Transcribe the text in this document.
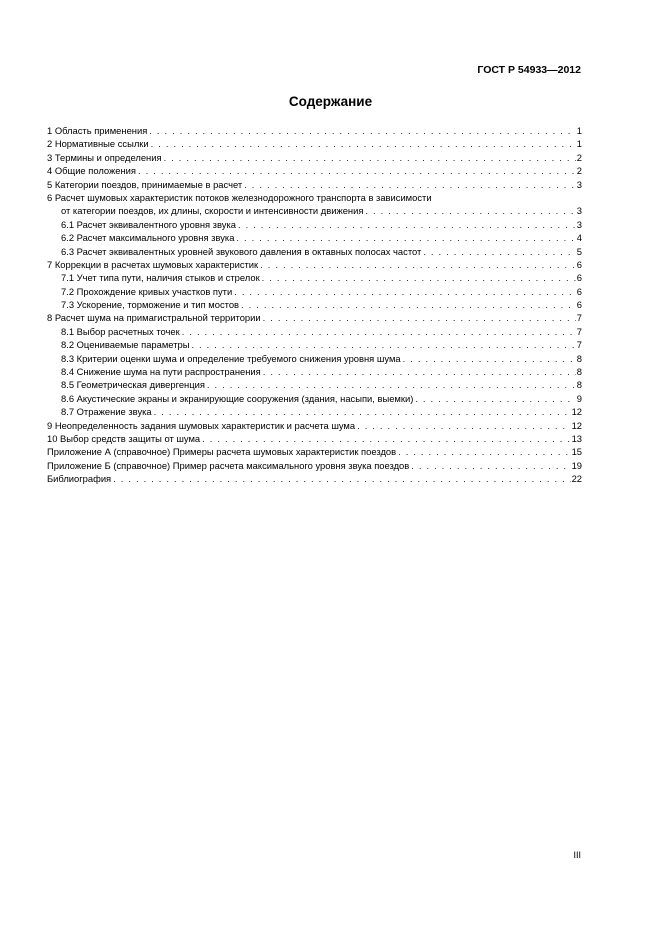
ГОСТ Р 54933—2012
Содержание
1 Область применения . . .	1
2 Нормативные ссылки . . .	1
3 Термины и определения . . .	2
4 Общие положения . . .	2
5 Категории поездов, принимаемые в расчет . . .	3
6 Расчет шумовых характеристик потоков железнодорожного транспорта в зависимости
от категории поездов, их длины, скорости и интенсивности движения . . .	3
6.1 Расчет эквивалентного уровня звука . . .	3
6.2 Расчет максимального уровня звука . . .	4
6.3 Расчет эквивалентных уровней звукового давления в октавных полосах частот . . .	5
7 Коррекции в расчетах шумовых характеристик . . .	6
7.1 Учет типа пути, наличия стыков и стрелок . . .	6
7.2 Прохождение кривых участков пути . . .	6
7.3 Ускорение, торможение и тип мостов . . .	6
8 Расчет шума на примагистральной территории . . .	7
8.1 Выбор расчетных точек . . .	7
8.2 Оцениваемые параметры . . .	7
8.3 Критерии оценки шума и определение требуемого снижения уровня шума . . .	8
8.4 Снижение шума на пути распространения . . .	8
8.5 Геометрическая дивергенция . . .	8
8.6 Акустические экраны и экранирующие сооружения (здания, насыпи, выемки) . . .	9
8.7 Отражение звука . . .	12
9 Неопределенность задания шумовых характеристик и расчета шума . . .	12
10 Выбор средств защиты от шума . . .	13
Приложение А (справочное) Примеры расчета шумовых характеристик поездов . . .	15
Приложение Б (справочное) Пример расчета максимального уровня звука поездов . . .	19
Библиография . . .	22
III
